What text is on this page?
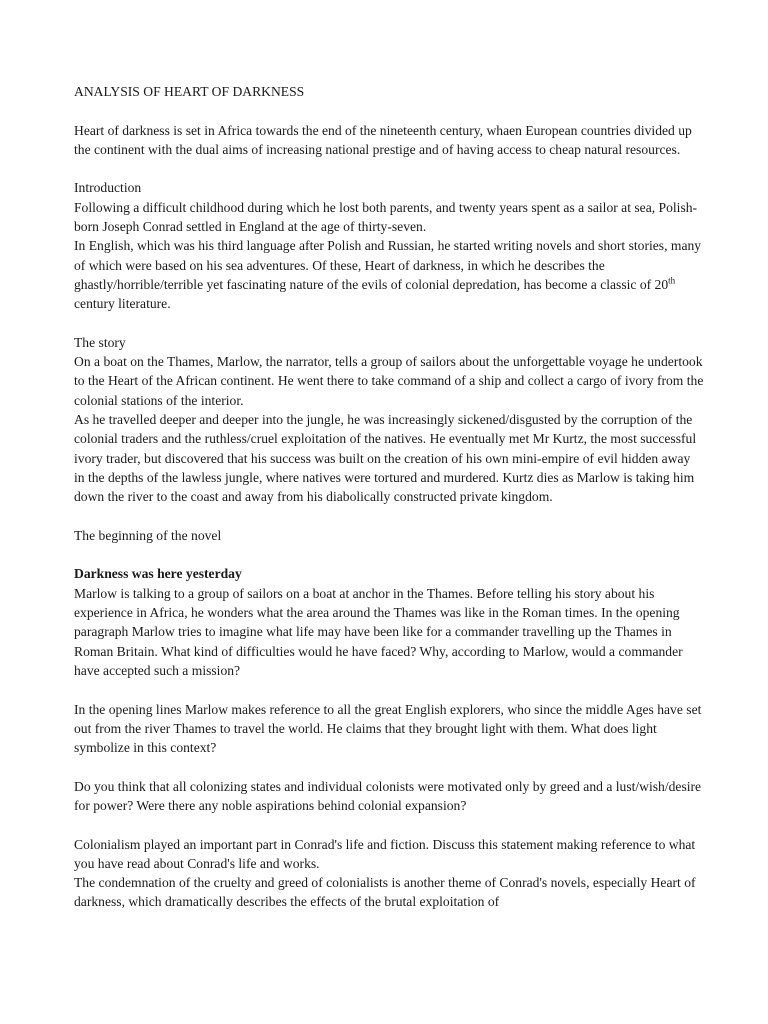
ANALYSIS OF HEART OF DARKNESS

Heart of darkness is set in Africa towards the end of the nineteenth century, whaen European countries divided up the continent with the dual aims of increasing national prestige and of having access to cheap natural resources.

Introduction

Following a difficult childhood during which he lost both parents, and twenty years spent as a sailor at sea, Polish-born Joseph Conrad settled in England at the age of thirty-seven.

In English, which was his third language after Polish and Russian, he started writing novels and short stories, many of which were based on his sea adventures. Of these, Heart of darkness, in which he describes the ghastly/horrible/terrible yet fascinating nature of the evils of colonial depredation, has become a classic of 20th century literature.

The story

On a boat on the Thames, Marlow, the narrator, tells a group of sailors about the unforgettable voyage he undertook to the Heart of the African continent. He went there to take command of a ship and collect a cargo of ivory from the colonial stations of the interior.

As he travelled deeper and deeper into the jungle, he was increasingly sickened/disgusted by the corruption of the colonial traders and the ruthless/cruel exploitation of the natives. He eventually met Mr Kurtz, the most successful ivory trader, but discovered that his success was built on the creation of his own mini-empire of evil hidden away in the depths of the lawless jungle, where natives were tortured and murdered. Kurtz dies as Marlow is taking him down the river to the coast and away from his diabolically constructed private kingdom.

The beginning of the novel

Darkness was here yesterday

Marlow is talking to a group of sailors on a boat at anchor in the Thames. Before telling his story about his experience in Africa, he wonders what the area around the Thames was like in the Roman times. In the opening paragraph Marlow tries to imagine what life may have been like for a commander travelling up the Thames in Roman Britain. What kind of difficulties would he have faced? Why, according to Marlow, would a commander have accepted such a mission?

In the opening lines Marlow makes reference to all the great English explorers, who since the middle Ages have set out from the river Thames to travel the world. He claims that they brought light with them. What does light symbolize in this context?

Do you think that all colonizing states and individual colonists were motivated only by greed and a lust/wish/desire for power? Were there any noble aspirations behind colonial expansion?

Colonialism played an important part in Conrad's life and fiction. Discuss this statement making reference to what you have read about Conrad's life and works.

The condemnation of the cruelty and greed of colonialists is another theme of Conrad's novels, especially Heart of darkness, which dramatically describes the effects of the brutal exploitation of
